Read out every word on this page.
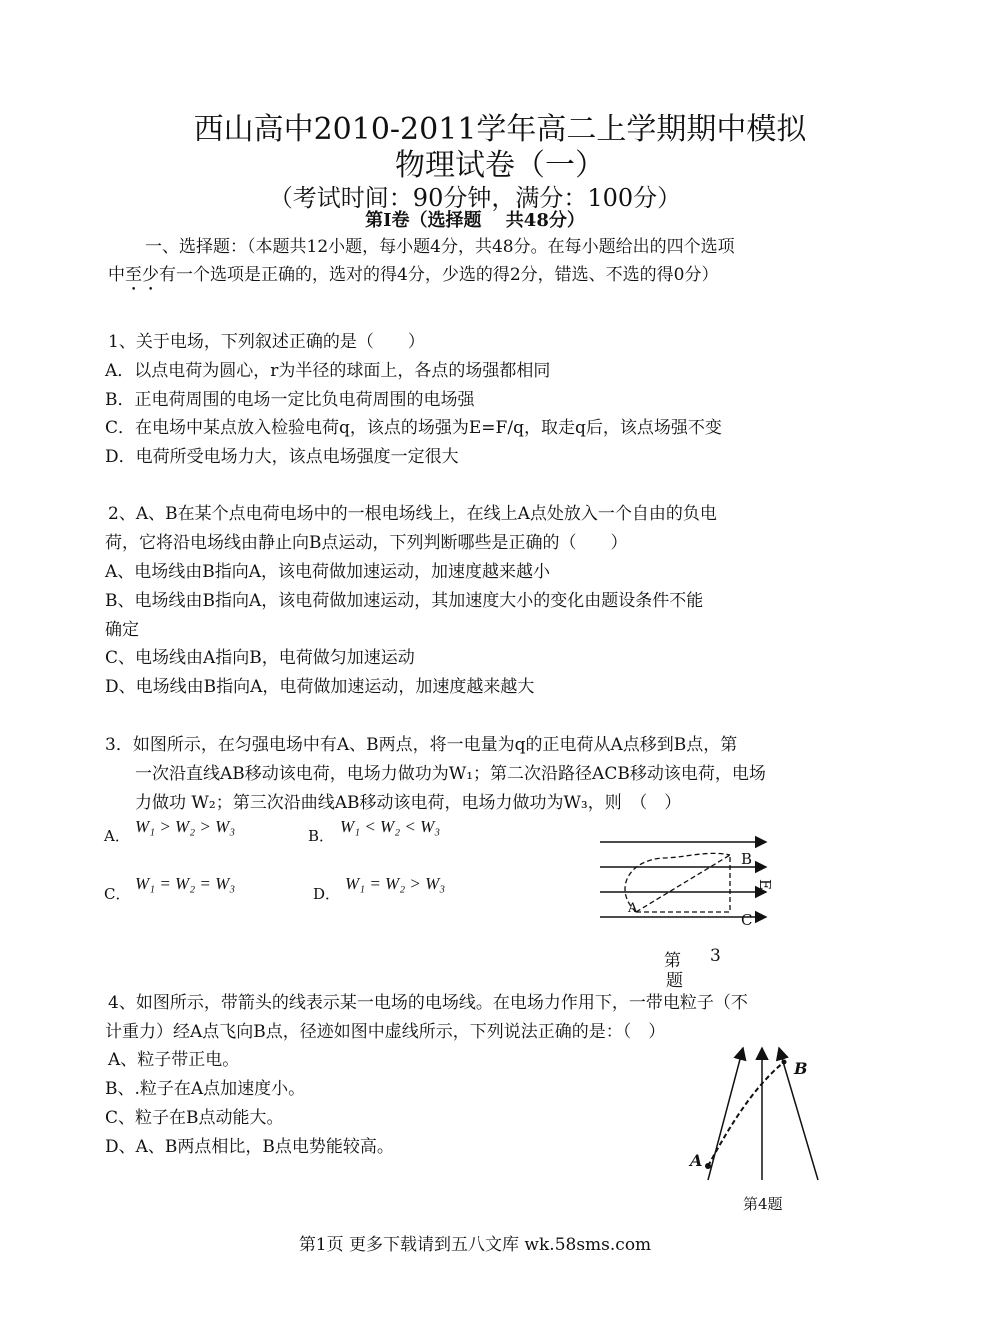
西山高中2010-2011学年高二上学期期中模拟
物理试卷（一）
（考试时间：90分钟，满分：100分）
第Ⅰ卷（选择题　 共48分）
一、选择题：（本题共12小题，每小题4分，共48分。在每小题给出的四个选项
中至少有一个选项是正确的，选对的得4分，少选的得2分，错选、不选的得0分）
1、关于电场，下列叙述正确的是（　　）
A．以点电荷为圆心，r为半径的球面上，各点的场强都相同
B．正电荷周围的电场一定比负电荷周围的电场强
C．在电场中某点放入检验电荷q，该点的场强为E=F/q，取走q后，该点场强不变
D．电荷所受电场力大，该点电场强度一定很大
2、A、B在某个点电荷电场中的一根电场线上，在线上A点处放入一个自由的负电
荷，它将沿电场线由静止向B点运动，下列判断哪些是正确的（　　）
A、电场线由B指向A，该电荷做加速运动，加速度越来越小
B、电场线由B指向A，该电荷做加速运动，其加速度大小的变化由题设条件不能
确定
C、电场线由A指向B，电荷做匀加速运动
D、电场线由B指向A，电荷做加速运动，加速度越来越大
3．如图所示，在匀强电场中有A、B两点，将一电量为q的正电荷从A点移到B点，第
一次沿直线AB移动该电荷，电场力做功为W₁；第二次沿路径ACB移动该电荷，电场
力做功 W₂；第三次沿曲线AB移动该电荷，电场力做功为W₃，则　（　）
A． W₁ > W₂ > W₃	B． W₁ < W₂ < W₃
C．
W₁ = W₂ = W₃
D．
W₁ = W₂ > W₃
B
E
C
A
第 3
题
4、如图所示，带箭头的线表示某一电场的电场线。在电场力作用下，一带电粒子（不
计重力）经A点飞向B点，径迹如图中虚线所示，下列说法正确的是：（　）
A、粒子带正电。
B、.粒子在A点加速度小。
C、粒子在B点动能大。
D、A、B两点相比，B点电势能较高。
A
B
第4题
第1页 更多下载请到五八文库 wk.58sms.com
